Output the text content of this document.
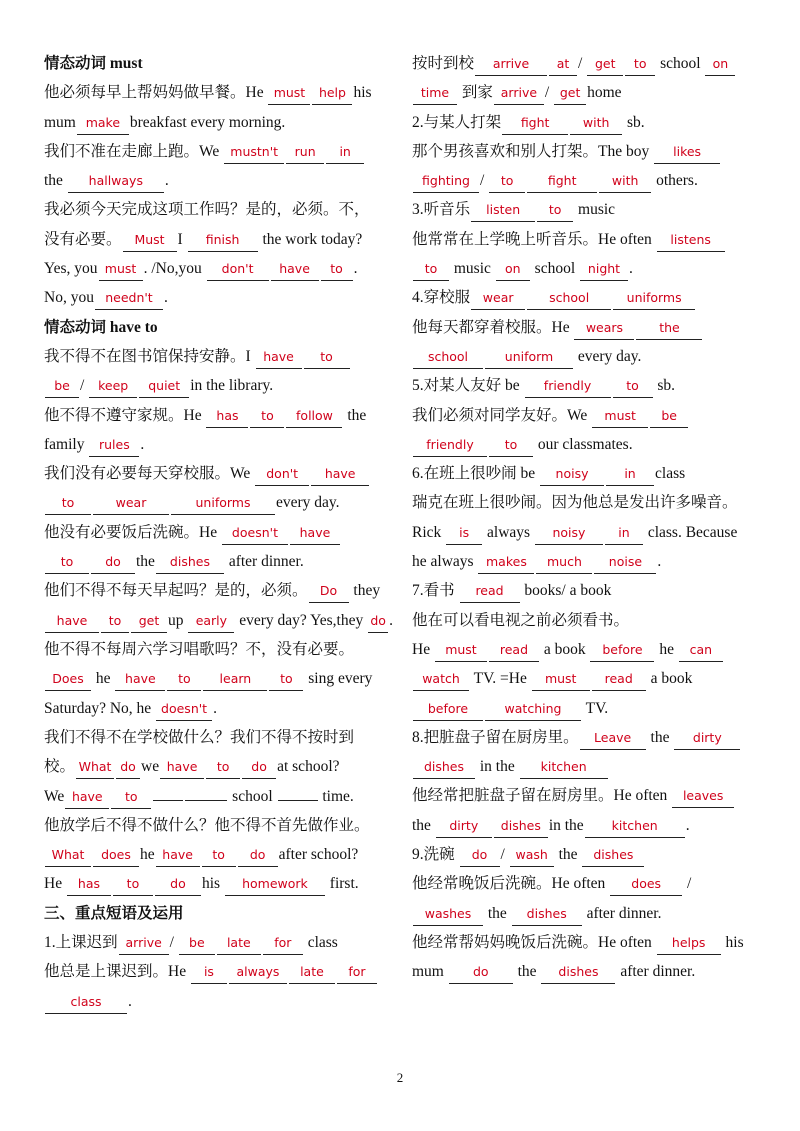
情态动词 must
他必须每早上帮妈妈做早餐。He must help his
mum make breakfast every morning.
我们不准在走廊上跑。We mustn't run in
the hallways .
我必须今天完成这项工作吗？是的，必须。不，
没有必要。 Must I finish the work today?
Yes, you must . /No,you don't have to .
No, you needn't .
情态动词 have to
我不得不在图书馆保持安静。I have to
be / keep quiet in the library.
他不得不遵守家规。He has to follow the
family rules .
我们没有必要每天穿校服。We don't have
to	wear	uniforms every day.
他没有必要饭后洗碗。He doesn't have
to	do the dishes after dinner.
他们不得不每天早起吗？是的，必须。 Do they
have to get up early every day? Yes,they do .
他不得不每周六学习唱歌吗？不，没有必要。
Does he have to learn to sing every
Saturday? No, he doesn't .
我们不得不在学校做什么？我们不得不按时到
校。 What do we have to do at school?
We have to	school	time.
他放学后不得不做什么？他不得不首先做作业。
What does he have to do after school?
He has to do his homework first.
三、重点短语及运用
1.上课迟到 arrive / be late for class
他总是上课迟到。He is always late for
class .
按时到校 arrive at / get to school on
time 到家 arrive / get home
2.与某人打架 fight	with sb.
那个男孩喜欢和别人打架。The boy likes
fighting / to	fight	with others.
3.听音乐 listen to music
他常常在上学晚上听音乐。He often listens
to music on school night .
4.穿校服 wear	school	uniforms
他每天都穿着校服。He wears	the
school	uniform every day.
5.对某人友好 be friendly	to sb.
我们必须对同学友好。We must be
friendly to our classmates.
6.在班上很吵闹 be noisy	in class
瑞克在班上很吵闹。因为他总是发出许多噪音。
Rick is always noisy	in class. Because
he always makes much noise .
7.看书 read books/ a book
他在可以看电视之前必须看书。
He must read a book before he can
watch TV. =He must read a book
before	watching TV.
8.把脏盘子留在厨房里。 Leave the dirty
dishes in the kitchen
他经常把脏盘子留在厨房里。He often leaves
the dirty dishes in the kitchen .
9.洗碗 do / wash the dishes
他经常晚饭后洗碗。He often does /
washes the dishes after dinner.
他经常帮妈妈晚饭后洗碗。He often helps his
mum do the dishes after dinner.
2
